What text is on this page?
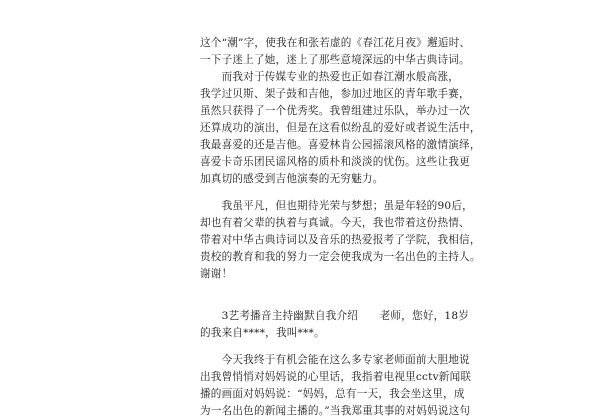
这个“潮”字，使我在和张若虚的《春江花月夜》邂逅时、
一下子迷上了她，迷上了那些意境深远的中华古典诗词。
　　而我对于传媒专业的热爱也正如春江潮水般高涨，
我学过贝斯、架子鼓和吉他，参加过地区的青年歌手赛，
虽然只获得了一个优秀奖。我曾组建过乐队，举办过一次
还算成功的演出，但是在这看似纷乱的爱好或者说生活中，
我最喜爱的还是吉他。喜爱林肯公园摇滚风格的激情演绎，
喜爱卡奇乐团民谣风格的质朴和淡淡的忧伤。这些让我更
加真切的感受到吉他演奏的无穷魅力。
　　我虽平凡，但也期待光荣与梦想；虽是年轻的90后，
却也有着父辈的执着与真诚。今天，我也带着这份热情、
带着对中华古典诗词以及音乐的热爱报考了学院，我相信，
贵校的教育和我的努力一定会使我成为一名出色的主持人。
谢谢！
　　3艺考播音主持幽默自我介绍　　老师，您好，18岁
的我来自****，我叫***。
　　今天我终于有机会能在这么多专家老师面前大胆地说
出我曾悄悄对妈妈说的心里话，我指着电视里cctv新闻联
播的画面对妈妈说：“妈妈，总有一天，我会坐这里，成
为一名出色的新闻主播的。”当我郑重其事的对妈妈说这句
